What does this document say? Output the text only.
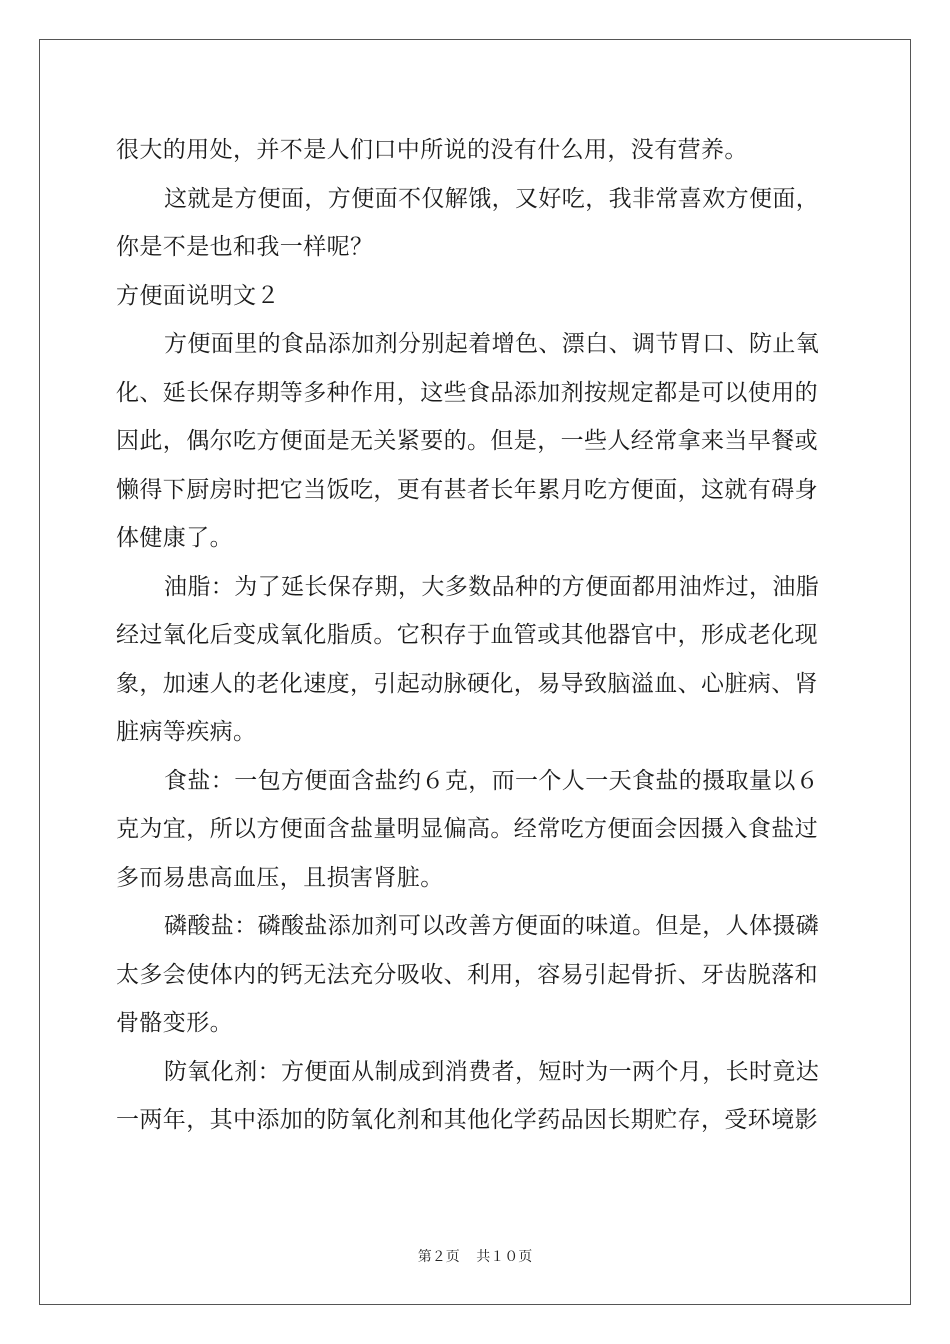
很大的用处，并不是人们口中所说的没有什么用，没有营养。
这就是方便面，方便面不仅解饿，又好吃，我非常喜欢方便面，
你是不是也和我一样呢？
方便面说明文２
方便面里的食品添加剂分别起着增色、漂白、调节胃口、防止氧
化、延长保存期等多种作用，这些食品添加剂按规定都是可以使用的
因此，偶尔吃方便面是无关紧要的。但是，一些人经常拿来当早餐或
懒得下厨房时把它当饭吃，更有甚者长年累月吃方便面，这就有碍身
体健康了。
油脂：为了延长保存期，大多数品种的方便面都用油炸过，油脂
经过氧化后变成氧化脂质。它积存于血管或其他器官中，形成老化现
象，加速人的老化速度，引起动脉硬化，易导致脑溢血、心脏病、肾
脏病等疾病。
食盐：一包方便面含盐约６克，而一个人一天食盐的摄取量以６
克为宜，所以方便面含盐量明显偏高。经常吃方便面会因摄入食盐过
多而易患高血压，且损害肾脏。
磷酸盐：磷酸盐添加剂可以改善方便面的味道。但是，人体摄磷
太多会使体内的钙无法充分吸收、利用，容易引起骨折、牙齿脱落和
骨骼变形。
防氧化剂：方便面从制成到消费者，短时为一两个月，长时竟达
一两年，其中添加的防氧化剂和其他化学药品因长期贮存，受环境影
第２页 共１０页
